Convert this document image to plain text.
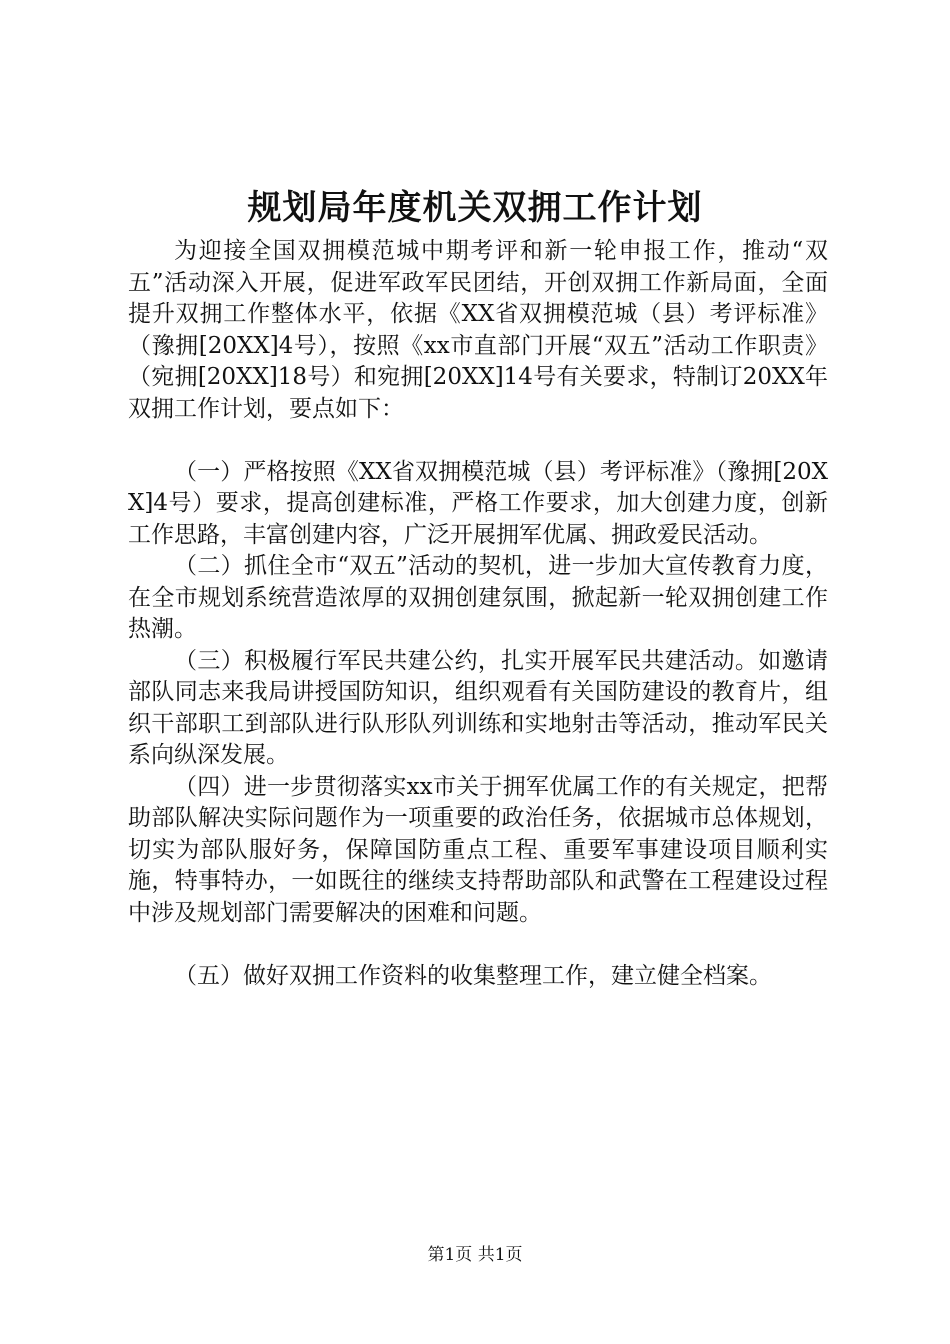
规划局年度机关双拥工作计划

为迎接全国双拥模范城中期考评和新一轮申报工作，推动“双五”活动深入开展，促进军政军民团结，开创双拥工作新局面，全面提升双拥工作整体水平，依据《XX省双拥模范城（县）考评标准》（豫拥[20XX]4号），按照《xx市直部门开展“双五”活动工作职责》（宛拥[20XX]18号）和宛拥[20XX]14号有关要求，特制订20XX年双拥工作计划，要点如下：

（一）严格按照《XX省双拥模范城（县）考评标准》（豫拥[20XX]4号）要求，提高创建标准，严格工作要求，加大创建力度，创新工作思路，丰富创建内容，广泛开展拥军优属、拥政爱民活动。

（二）抓住全市“双五”活动的契机，进一步加大宣传教育力度，在全市规划系统营造浓厚的双拥创建氛围，掀起新一轮双拥创建工作热潮。

（三）积极履行军民共建公约，扎实开展军民共建活动。如邀请部队同志来我局讲授国防知识，组织观看有关国防建设的教育片，组织干部职工到部队进行队形队列训练和实地射击等活动，推动军民关系向纵深发展。

（四）进一步贯彻落实xx市关于拥军优属工作的有关规定，把帮助部队解决实际问题作为一项重要的政治任务，依据城市总体规划，切实为部队服好务，保障国防重点工程、重要军事建设项目顺利实施，特事特办，一如既往的继续支持帮助部队和武警在工程建设过程中涉及规划部门需要解决的困难和问题。

（五）做好双拥工作资料的收集整理工作，建立健全档案。

第1页 共1页
